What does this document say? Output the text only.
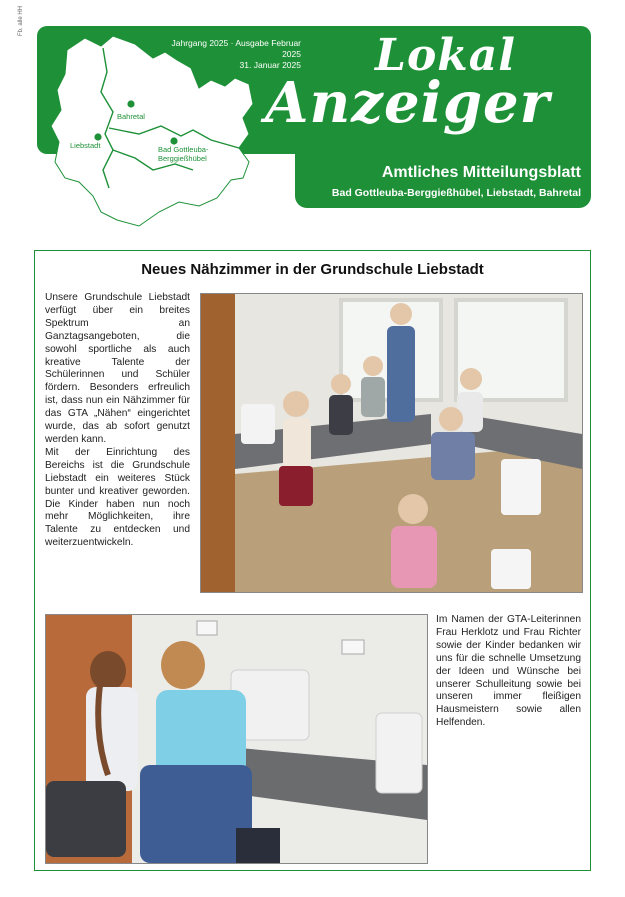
Fb. alle HH
Amtliches Mitteilungsblatt
Bad Gottleuba-Berggießhübel, Liebstadt, Bahretal
Jahrgang 2025 · Ausgabe Februar 2025
31. Januar 2025 Lokal
Anzeiger
Bahretal
Liebstadt	Bad Gottleuba-
Berggießhübel
Neues Nähzimmer in der Grundschule Liebstadt
Unsere Grundschule Liebstadt verfügt über ein breites Spektrum an Ganztagsangeboten, die sowohl sportliche als auch kreative Talente der Schülerinnen und Schüler fördern. Besonders erfreulich ist, dass nun ein Nähzimmer für das GTA „Nähen“ eingerichtet wurde, das ab sofort genutzt werden kann.
Mit der Einrichtung des Bereichs ist die Grundschule Liebstadt ein weiteres Stück bunter und kreativer geworden. Die Kinder haben nun noch mehr Möglichkeiten, ihre Talente zu entdecken und weiterzuentwickeln.
Im Namen der GTA-Leiterinnen Frau Herklotz und Frau Richter sowie der Kinder bedanken wir uns für die schnelle Umsetzung der Ideen und Wünsche bei unserer Schulleitung sowie bei unseren immer fleißigen Hausmeistern sowie allen Helfenden.
